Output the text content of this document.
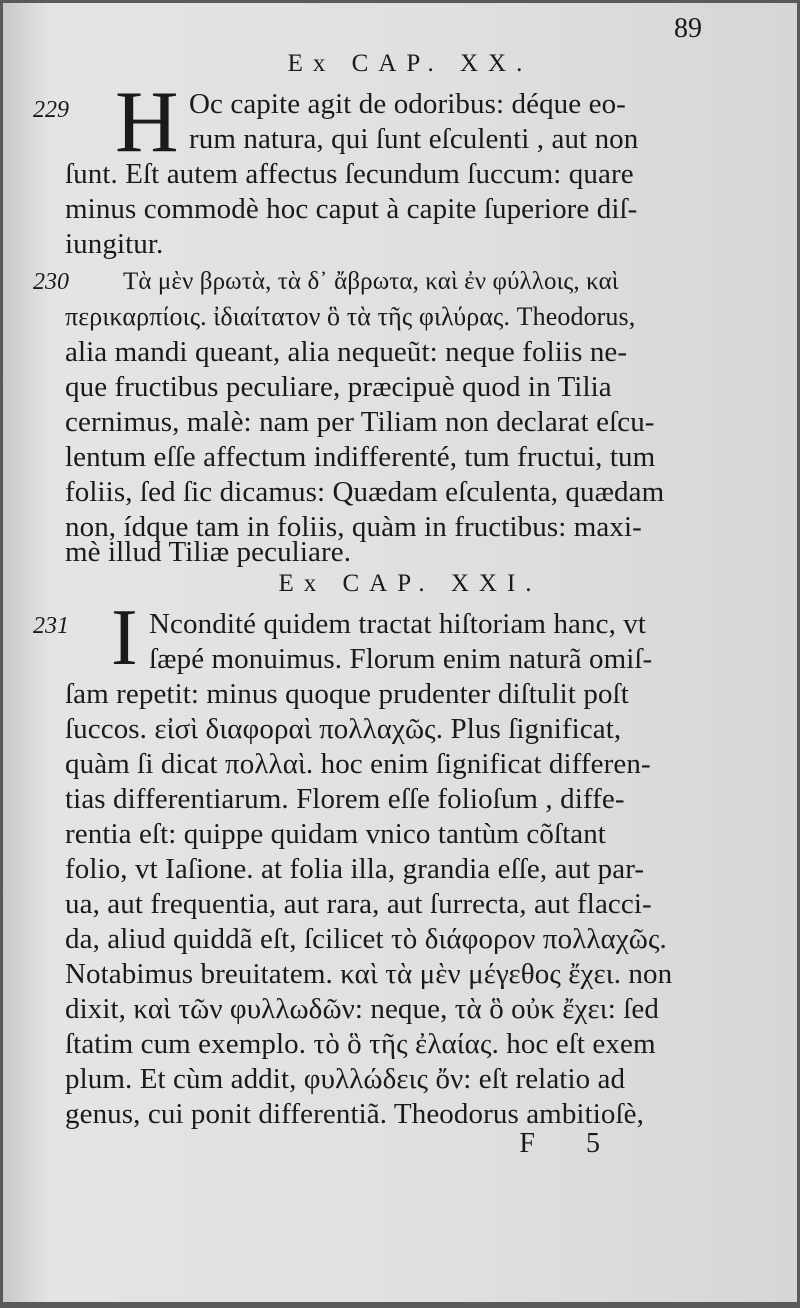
89
Ex CAP. XX.
229 H Oc capite agit de odoribus: déque eo-
rum natura, qui ſunt eſculenti , aut non
ſunt. Eſt autem affectus ſecundum ſuccum: quare
minus commodè hoc caput à capite ſuperiore diſ-
iungitur.
230 Τὰ μὲν βρωτὰ, τὰ δ᾽ ἄβρωτα, καὶ ἐν φύλλοις, καὶ
περικαρπίοις. ἰδιαίτατον ὃ τὰ τῆς φιλύρας. Theodorus,
alia mandi queant, alia nequeũt: neque foliis ne-
que fructibus peculiare, præcipuè quod in Tilia
cernimus, malè: nam per Tiliam non declarat eſcu-
lentum eſſe affectum indifferenté, tum fructui, tum
foliis, ſed ſic dicamus: Quædam eſculenta, quædam
non, ídque tam in foliis, quàm in fructibus: maxi-
mè illud Tiliæ peculiare.
Ex CAP. XXI.
231 I Ncondité quidem tractat hiſtoriam hanc, vt
ſæpé monuimus. Florum enim naturã omiſ-
ſam repetit: minus quoque prudenter diſtulit poſt
ſuccos. εἰσὶ διαφοραὶ πολλαχῶς. Plus ſignificat,
quàm ſi dicat πολλαὶ. hoc enim ſignificat differen-
tias differentiarum. Florem eſſe folioſum , diffe-
rentia eſt: quippe quidam vnico tantùm cõſtant
folio, vt Iaſione. at folia illa, grandia eſſe, aut par-
ua, aut frequentia, aut rara, aut ſurrecta, aut flacci-
da, aliud quiddã eſt, ſcilicet τὸ διάφορον πολλαχῶς.
Notabimus breuitatem. καὶ τὰ μὲν μέγεθος ἔχει. non
dixit, καὶ τῶν φυλλωδῶν: neque, τὰ ὃ οὐκ ἔχει: ſed
ſtatim cum exemplo. τὸ ὃ τῆς ἐλαίας. hoc eſt exem
plum. Et cùm addit, φυλλώδεις ὄν: eſt relatio ad
genus, cui ponit differentiã. Theodorus ambitioſè,
F 5
